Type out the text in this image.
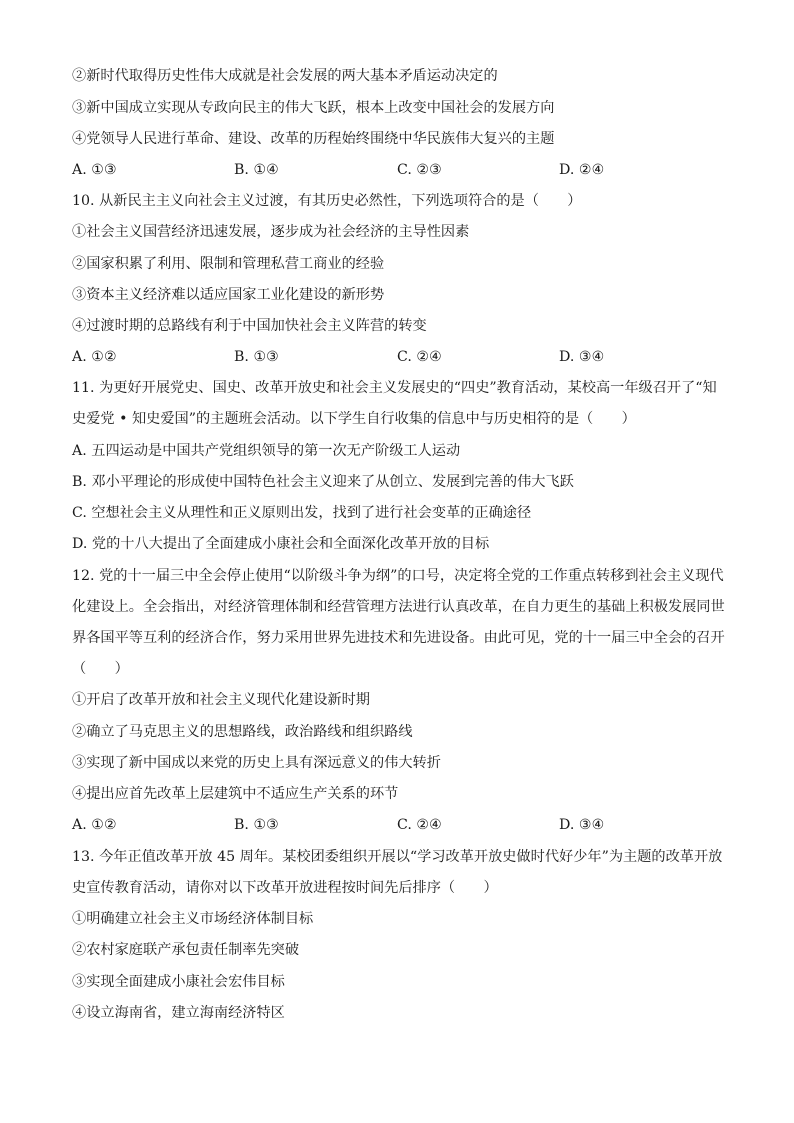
②新时代取得历史性伟大成就是社会发展的两大基本矛盾运动决定的
③新中国成立实现从专政向民主的伟大飞跃，根本上改变中国社会的发展方向
④党领导人民进行革命、建设、改革的历程始终围绕中华民族伟大复兴的主题
A. ①③	B. ①④	C. ②③	D. ②④
10. 从新民主主义向社会主义过渡，有其历史必然性，下列选项符合的是（　　）
①社会主义国营经济迅速发展，逐步成为社会经济的主导性因素
②国家积累了利用、限制和管理私营工商业的经验
③资本主义经济难以适应国家工业化建设的新形势
④过渡时期的总路线有利于中国加快社会主义阵营的转变
A. ①②	B. ①③	C. ②④	D. ③④
11. 为更好开展党史、国史、改革开放史和社会主义发展史的“四史”教育活动，某校高一年级召开了“知
史爱党 • 知史爱国”的主题班会活动。以下学生自行收集的信息中与历史相符的是（　　）
A. 五四运动是中国共产党组织领导的第一次无产阶级工人运动
B. 邓小平理论的形成使中国特色社会主义迎来了从创立、发展到完善的伟大飞跃
C. 空想社会主义从理性和正义原则出发，找到了进行社会变革的正确途径
D. 党的十八大提出了全面建成小康社会和全面深化改革开放的目标
12. 党的十一届三中全会停止使用“以阶级斗争为纲”的口号，决定将全党的工作重点转移到社会主义现代
化建设上。全会指出，对经济管理体制和经营管理方法进行认真改革，在自力更生的基础上积极发展同世
界各国平等互利的经济合作，努力采用世界先进技术和先进设备。由此可见，党的十一届三中全会的召开
（　　）
①开启了改革开放和社会主义现代化建设新时期
②确立了马克思主义的思想路线，政治路线和组织路线
③实现了新中国成以来党的历史上具有深远意义的伟大转折
④提出应首先改革上层建筑中不适应生产关系的环节
A. ①②	B. ①③	C. ②④	D. ③④
13. 今年正值改革开放 45 周年。某校团委组织开展以“学习改革开放史做时代好少年”为主题的改革开放
史宣传教育活动，请你对以下改革开放进程按时间先后排序（　　）
①明确建立社会主义市场经济体制目标
②农村家庭联产承包责任制率先突破
③实现全面建成小康社会宏伟目标
④设立海南省，建立海南经济特区
